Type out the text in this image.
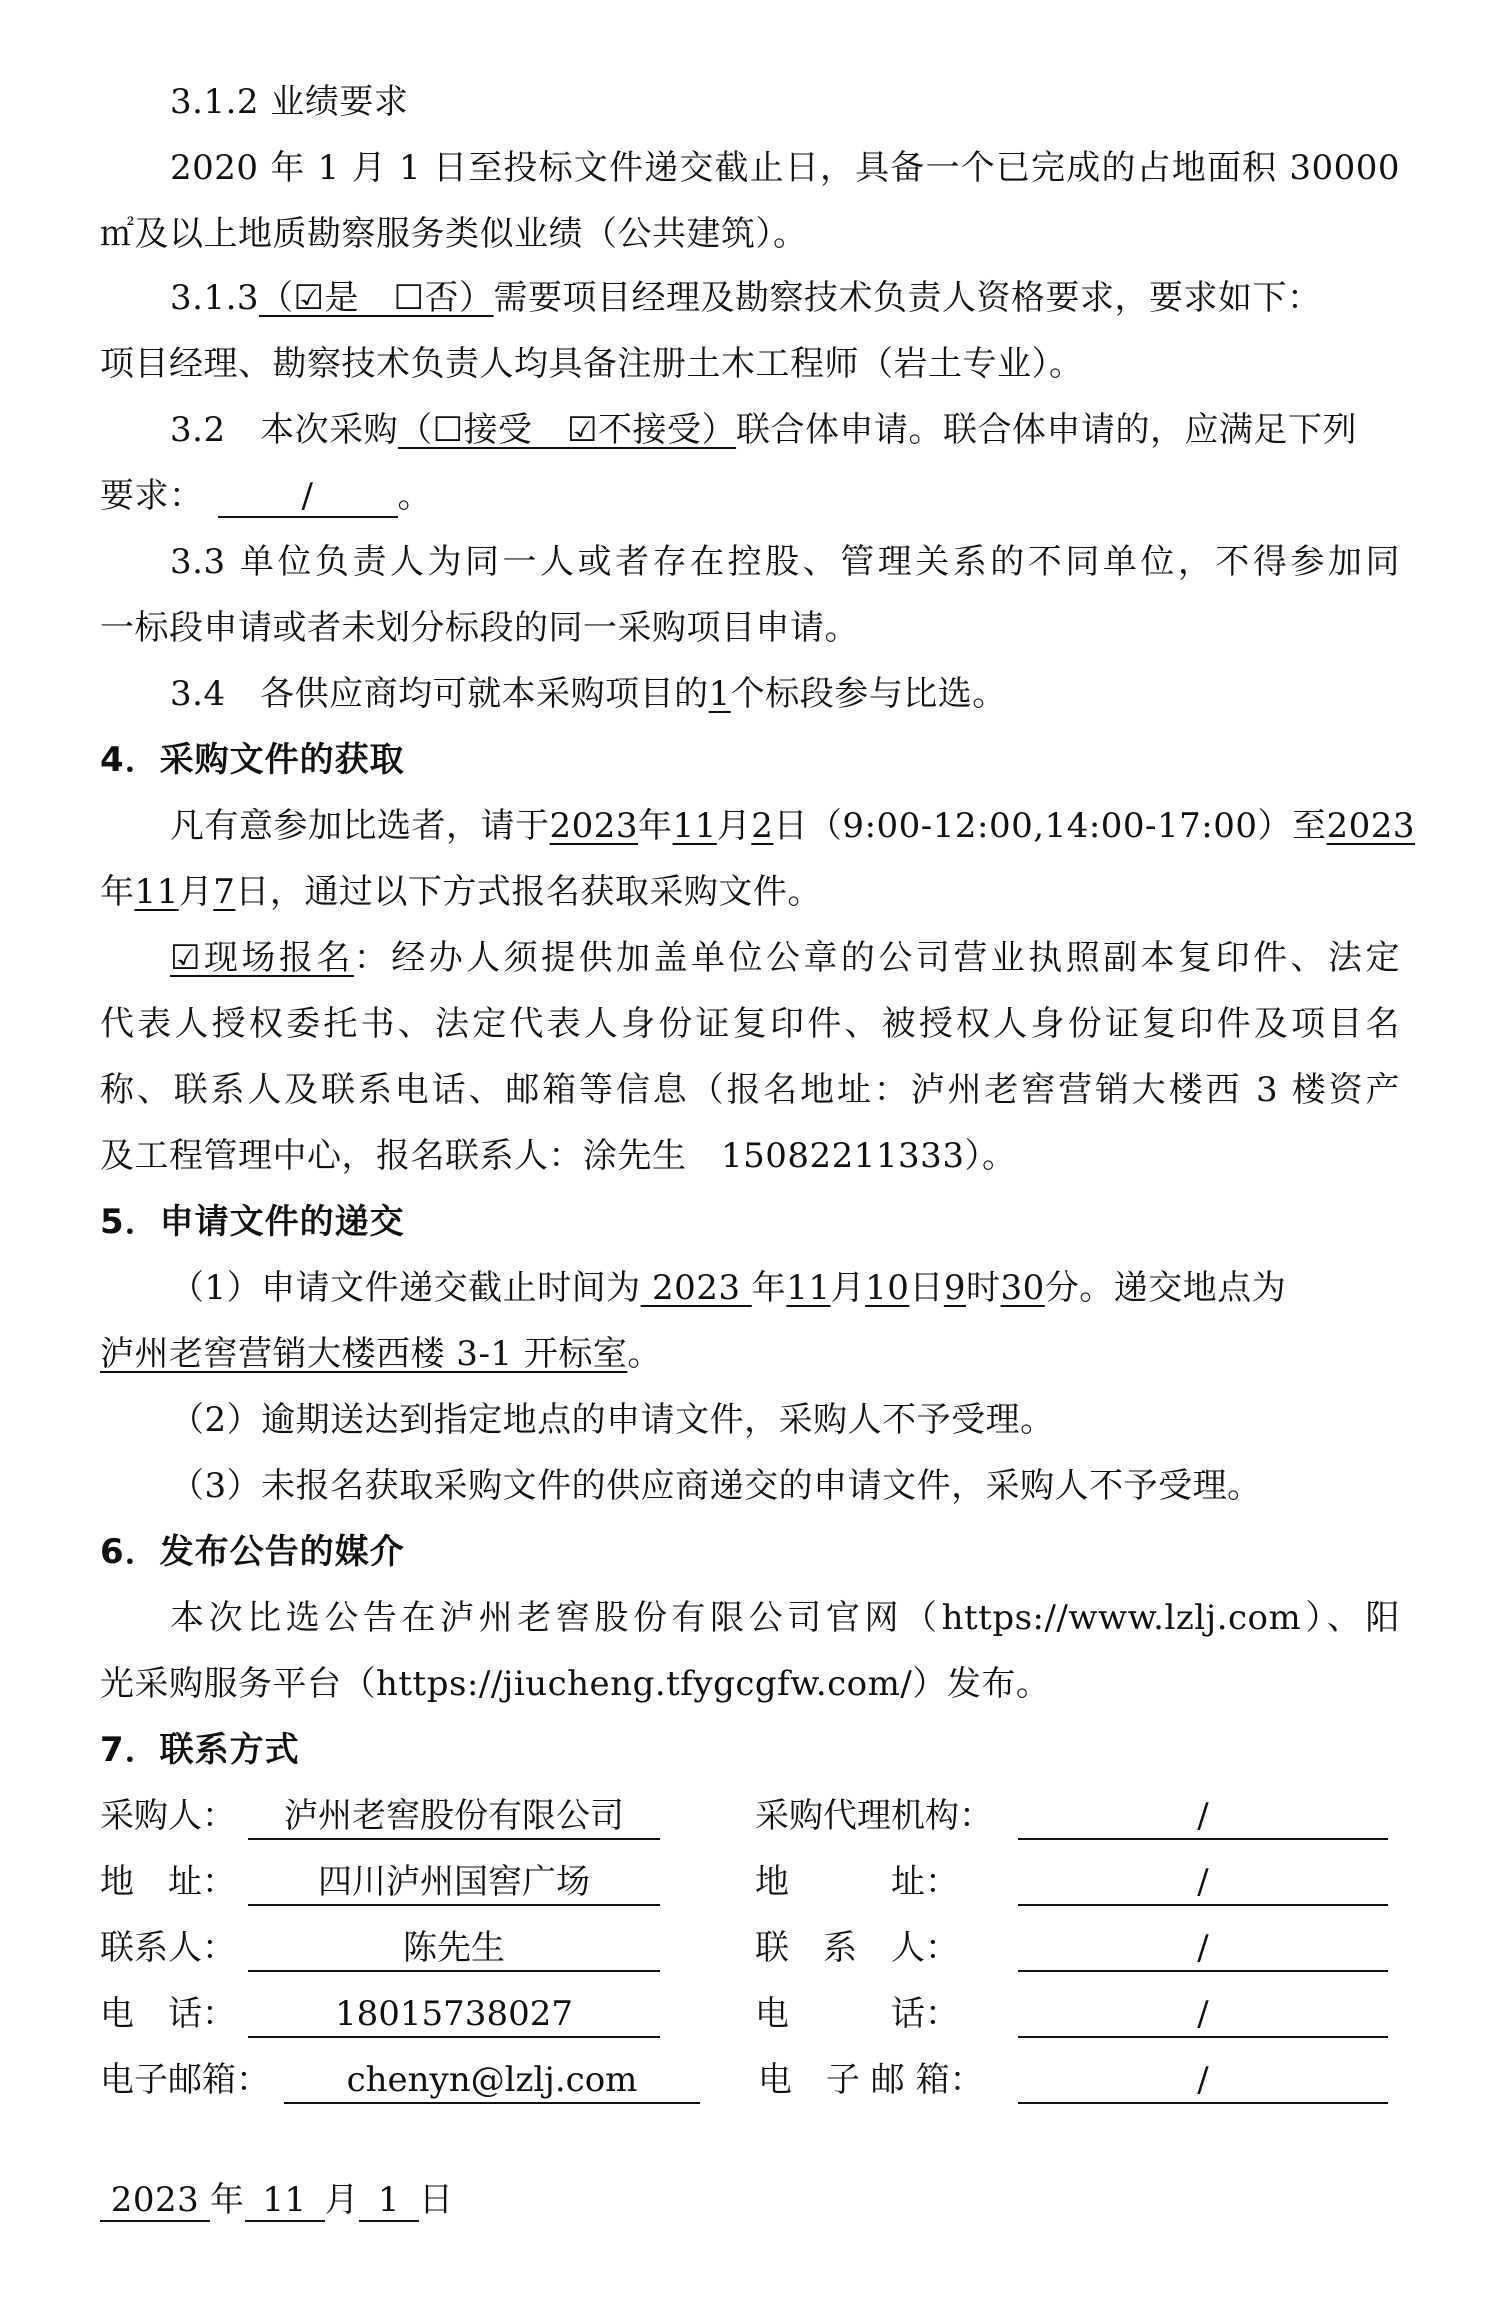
3.1.2 业绩要求
2020 年 1 月 1 日至投标文件递交截止日，具备一个已完成的占地面积 30000
㎡及以上地质勘察服务类似业绩（公共建筑）。
3.1.3（☑是　☐否）需要项目经理及勘察技术负责人资格要求，要求如下：
项目经理、勘察技术负责人均具备注册土木工程师（岩土专业）。
3.2　本次采购（☐接受　☑不接受）联合体申请。联合体申请的，应满足下列
要求：	/ 。
3.3 单位负责人为同一人或者存在控股、管理关系的不同单位，不得参加同
一标段申请或者未划分标段的同一采购项目申请。
3.4　各供应商均可就本采购项目的1个标段参与比选。
4．采购文件的获取
凡有意参加比选者，请于2023年11月2日（9:00-12:00,14:00-17:00）至2023
年11月7日，通过以下方式报名获取采购文件。
☑现场报名：经办人须提供加盖单位公章的公司营业执照副本复印件、法定
代表人授权委托书、法定代表人身份证复印件、被授权人身份证复印件及项目名
称、联系人及联系电话、邮箱等信息（报名地址：泸州老窖营销大楼西 3 楼资产
及工程管理中心，报名联系人：涂先生　15082211333）。
5．申请文件的递交
（1）申请文件递交截止时间为 2023 年11月10日9时30分。递交地点为
泸州老窖营销大楼西楼 3-1 开标室。
（2）逾期送达到指定地点的申请文件，采购人不予受理。
（3）未报名获取采购文件的供应商递交的申请文件，采购人不予受理。
6．发布公告的媒介
本次比选公告在泸州老窖股份有限公司官网（https://www.lzlj.com）、阳
光采购服务平台（https://jiucheng.tfygcgfw.com/）发布。
7．联系方式
采购人：	泸州老窖股份有限公司	采购代理机构：	/
地　址：	四川泸州国窖广场	地　　　址：	/
联系人：	陈先生	联　系　人：	/
电　话：	18015738027	电　　　话：	/
电子邮箱：	chenyn@lzlj.com	电　子 邮 箱：	/
2023 年 11 月 1 日
